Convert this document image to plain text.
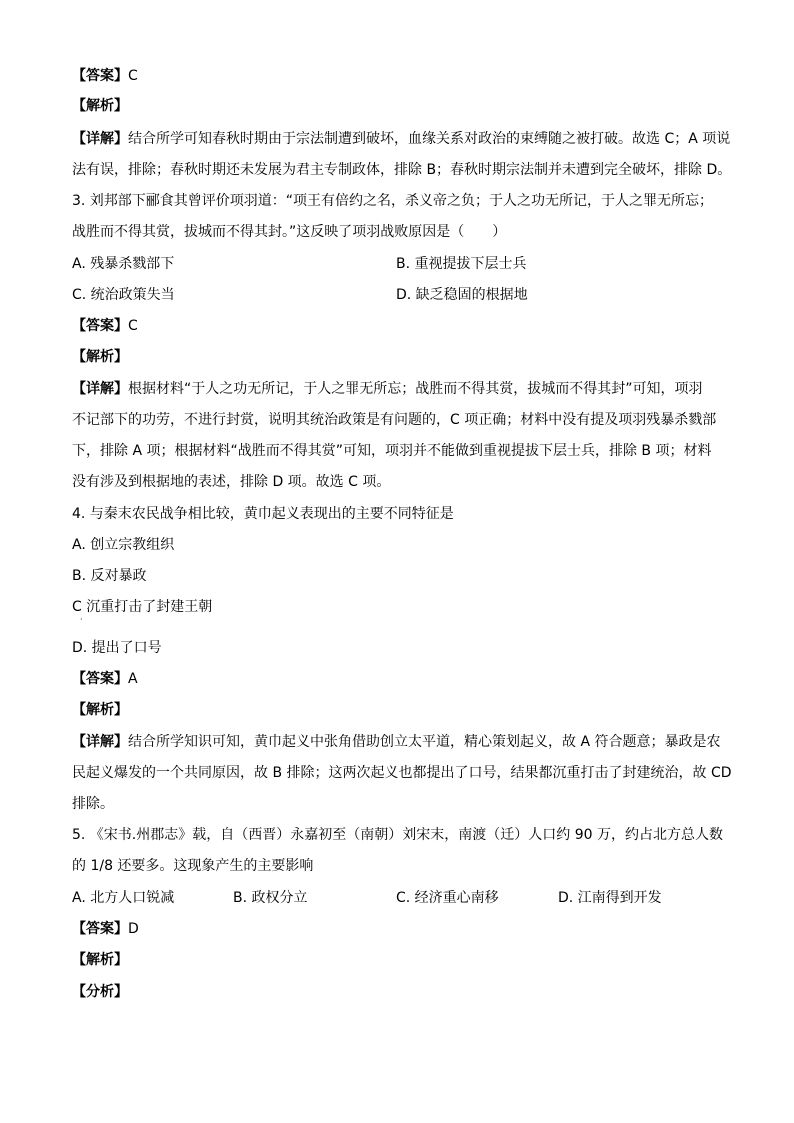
【答案】C
【解析】
【详解】结合所学可知春秋时期由于宗法制遭到破坏，血缘关系对政治的束缚随之被打破。故选 C；A 项说
法有误，排除；春秋时期还未发展为君主专制政体，排除 B；春秋时期宗法制并未遭到完全破坏，排除 D。
3. 刘邦部下郦食其曾评价项羽道：“项王有倍约之名，杀义帝之负；于人之功无所记，于人之罪无所忘；
战胜而不得其赏，拔城而不得其封。”这反映了项羽战败原因是（　　）
A. 残暴杀戮部下	B. 重视提拔下层士兵
C. 统治政策失当	D. 缺乏稳固的根据地
【答案】C
【解析】
【详解】根据材料“于人之功无所记，于人之罪无所忘；战胜而不得其赏，拔城而不得其封”可知，项羽
不记部下的功劳，不进行封赏，说明其统治政策是有问题的，C 项正确；材料中没有提及项羽残暴杀戮部
下，排除 A 项；根据材料“战胜而不得其赏”可知，项羽并不能做到重视提拔下层士兵，排除 B 项；材料
没有涉及到根据地的表述，排除 D 项。故选 C 项。
4. 与秦末农民战争相比较，黄巾起义表现出的主要不同特征是
A. 创立宗教组织
B. 反对暴政
C 沉重打击了封建王朝
·
D. 提出了口号
【答案】A
【解析】
【详解】结合所学知识可知，黄巾起义中张角借助创立太平道，精心策划起义，故 A 符合题意；暴政是农
民起义爆发的一个共同原因，故 B 排除；这两次起义也都提出了口号，结果都沉重打击了封建统治，故 CD
排除。
5. 《宋书.州郡志》载，自（西晋）永嘉初至（南朝）刘宋末，南渡（迁）人口约 90 万，约占北方总人数
的 1/8 还要多。这现象产生的主要影响
A. 北方人口锐减	B. 政权分立	C. 经济重心南移	D. 江南得到开发
【答案】D
【解析】
【分析】
